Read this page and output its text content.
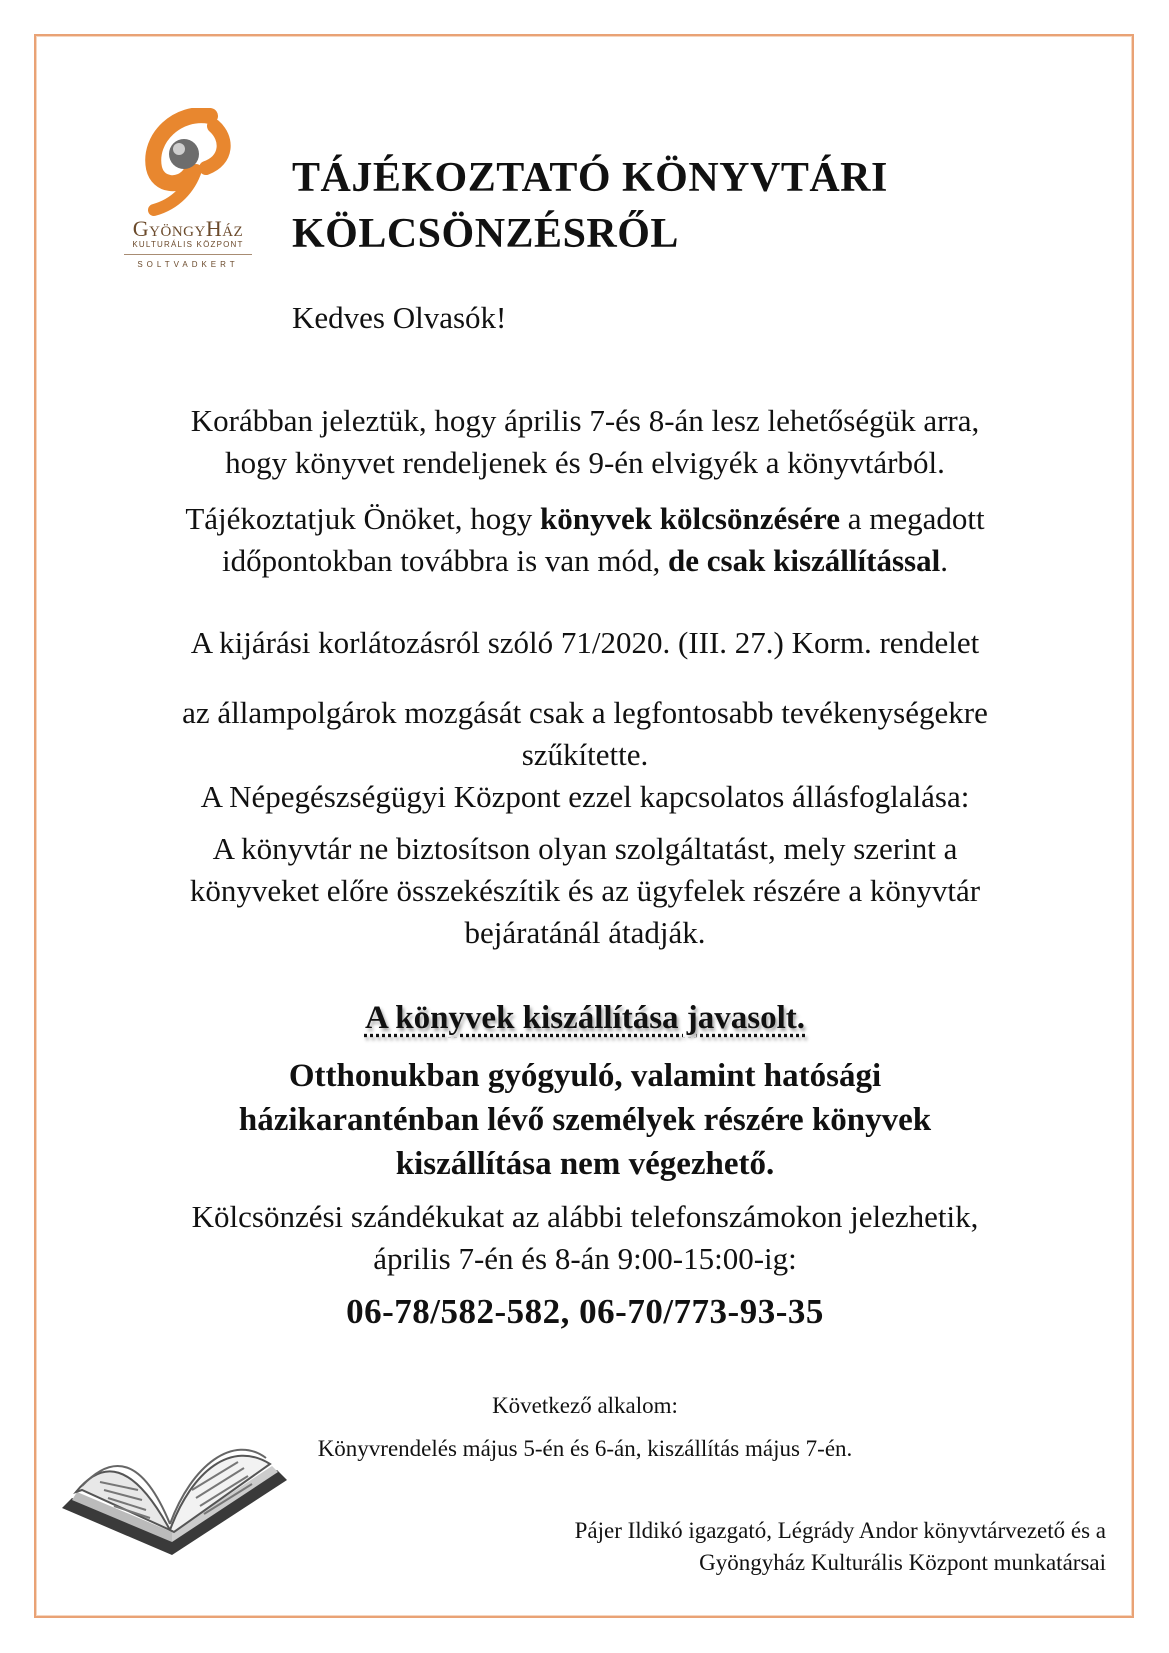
GYÖNGYHÁZ
KULTURÁLIS KÖZPONT
SOLTVADKERT
TÁJÉKOZTATÓ KÖNYVTÁRI
KÖLCSÖNZÉSRŐL
Kedves Olvasók!
Korábban jeleztük, hogy április 7-és 8-án lesz lehetőségük arra,
hogy könyvet rendeljenek és 9-én elvigyék a könyvtárból.
Tájékoztatjuk Önöket, hogy könyvek kölcsönzésére a megadott
időpontokban továbbra is van mód, de csak kiszállítással.
A kijárási korlátozásról szóló 71/2020. (III. 27.) Korm. rendelet
az állampolgárok mozgását csak a legfontosabb tevékenységekre
szűkítette.
A Népegészségügyi Központ ezzel kapcsolatos állásfoglalása:
A könyvtár ne biztosítson olyan szolgáltatást, mely szerint a
könyveket előre összekészítik és az ügyfelek részére a könyvtár
bejáratánál átadják.
A könyvek kiszállítása javasolt.
Otthonukban gyógyuló, valamint hatósági
házikaranténban lévő személyek részére könyvek
kiszállítása nem végezhető.
Kölcsönzési szándékukat az alábbi telefonszámokon jelezhetik,
április 7-én és 8-án 9:00-15:00-ig:
06-78/582-582, 06-70/773-93-35
Következő alkalom:
Könyvrendelés május 5-én és 6-án, kiszállítás május 7-én.
Pájer Ildikó igazgató, Légrády Andor könyvtárvezető és a
Gyöngyház Kulturális Központ munkatársai
